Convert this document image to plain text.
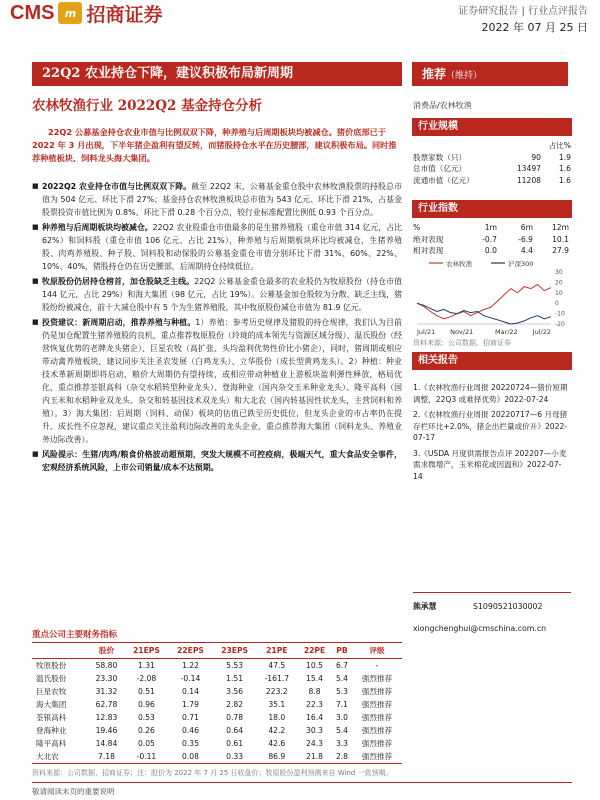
CMS m 招商证券	证券研究报告 | 行业点评报告
2022 年 07 月 25 日
22Q2 农业持仓下降，建议积极布局新周期	推荐（维持）
农林牧渔行业 2022Q2 基金持仓分析	消费品/农林牧渔
22Q2 公募基金持仓农业市值与比例双双下降，种养殖与后周期板块均被减仓。猪价底部已于 2022 年 3 月出现，下半年猪企盈利有望反转，而猪股持仓水平在历史腰部，建议积极布局。同时推荐种植板块、饲料龙头海大集团。
■ 2022Q2 农业持仓市值与比例双双下降。截至 22Q2 末，公募基金重仓股中农林牧渔股票的持股总市值为 504 亿元、环比下滑 27%；基金持仓农林牧渔板块总市值为 543 亿元、环比下滑 21%，占基金股票投资市值比例为 0.8%、环比下滑 0.28 个百分点，较行业标准配置比例低 0.93 个百分点。
■ 种养殖与后周期板块均被减仓。22Q2 农业股重仓市值最多的是生猪养殖股（重仓市值 314 亿元，占比 62%）和饲料股（重仓市值 106 亿元、占比 21%），种养殖与后周期板块环比均被减仓，生猪养殖股、肉鸡养殖股、种子股、饲料股和动保股的公募基金重仓市值分别环比下滑 31%、60%、22%、10%、40%，猪股持仓仍在历史腰部，后周期持仓持续低位。
■ 牧原股份仍居持仓榜首，加仓股缺乏主线。22Q2 公募基金重仓最多的农业股仍为牧原股份（持仓市值 144 亿元，占比 29%）和海大集团（98 亿元，占比 19%）。公募基金加仓股较为分散、缺乏主线，猪股纷纷被减仓，前十大减仓股中有 5 个为生猪养殖股，其中牧原股份减仓市值为 81.9 亿元。
■ 投资建议：新周期启动，推荐养殖与种植。1）养殖：参考历史规律及猪股的持仓规律，我们认为目前仍是加仓配置生猪养殖股的良机，重点推荐牧原股份（玲珑的成本领先与资源区域分级）、温氏股份（经营恢复优势的老牌龙头猪企）、巨星农牧（高扩张、头均盈利优势性价比小猪企），同时，猪周期或相应带动禽养殖板块，建议同步关注圣农发展（白鸡龙头）、立华股份（成长型黄鸡龙头）。2）种植：种业技术革新周期即将启动，粮价大周期仍有望持续，或相应带动种植业上游板块盈利弹性释放，格局优化，重点推荐荃银高科（杂交水稻转型种业龙头）、登海种业（国内杂交玉米种业龙头）、隆平高科（国内玉米和水稻种业双龙头、杂交和转基因技术双龙头）和大北农（国内转基因性状龙头，主营饲料和养殖）。3）海大集团：后周期（饲料、动保）板块的估值已跌至历史低位，但龙头企业的市占率仍在提升、成长性不应忽视，建议重点关注盈利边际改善的龙头企业，重点推荐海大集团（饲料龙头、养殖业务边际改善）。
■ 风险提示：生猪/肉鸡/粮食价格波动超预期，突发大规模不可控疫病，极端天气，重大食品安全事件，宏观经济系统风险，上市公司销量/成本不达预期。
重点公司主要财务指标
	股价	21EPS	22EPS	23EPS	21PE	22PE	PB	评级
牧原股份	58.80	1.31	1.22	5.53	47.5	10.5	6.7	-
温氏股份	23.30	-2.08	-0.14	1.51	-161.7	15.4	5.4	强烈推荐
巨星农牧	31.32	0.51	0.14	3.56	223.2	8.8	5.3	强烈推荐
海大集团	62.78	0.96	1.79	2.82	35.1	22.3	7.1	强烈推荐
荃银高科	12.83	0.53	0.71	0.78	18.0	16.4	3.0	强烈推荐
登海种业	19.46	0.26	0.46	0.64	42.2	30.3	5.4	强烈推荐
隆平高科	14.84	0.05	0.35	0.61	42.6	24.3	3.3	强烈推荐
大北农	7.18	-0.11	0.08	0.33	86.9	21.8	2.8	强烈推荐
资料来源：公司数据、招商证券；注：股价为 2022 年 7 月 25 日收盘价；牧原股份盈利预测来自 Wind 一致预期。
敬请阅读末页的重要说明
行业规模
占比%
股票家数（只）	90	1.9
总市值（亿元）	13497	1.6
流通市值（亿元）	11208	1.6
行业指数
%	1m	6m	12m
绝对表现	-0.7	-6.9	10.1
相对表现	0.0	4.4	27.9
农林牧渔	沪深300
30
20
10
0
-10
-20
Jul/21 Nov/21	Mar/22 Jul/22
资料来源：公司数据、招商证券
相关报告
1.《农林牧渔行业周报 20220724—猪价短期调整，22Q3 或难择优势》2022-07-24
2.《农林牧渔行业周报 20220717—6 月母猪存栏环比+2.0%，猪企出栏量或价升》2022-07-17
3.《USDA 月度供需报告点评 202207—小麦需求微增产，玉米棉花或因温和》2022-07-14
熊承慧	S1090521030002
xiongchenghui@cmschina.com.cn
